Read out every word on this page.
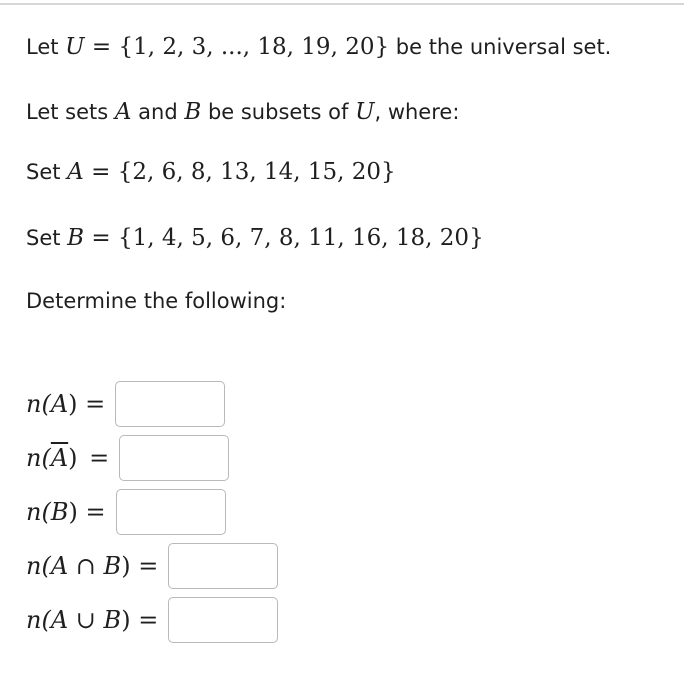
Let U = {1, 2, 3, ..., 18, 19, 20} be the universal set.
Let sets A and B be subsets of U, where:
Set A = {2, 6, 8, 13, 14, 15, 20}
Set B = {1, 4, 5, 6, 7, 8, 11, 16, 18, 20}
Determine the following:
n(A) =
$n(\overline{A})$ =
n(B) =
n(A ∩ B) =
n(A ∪ B) =
